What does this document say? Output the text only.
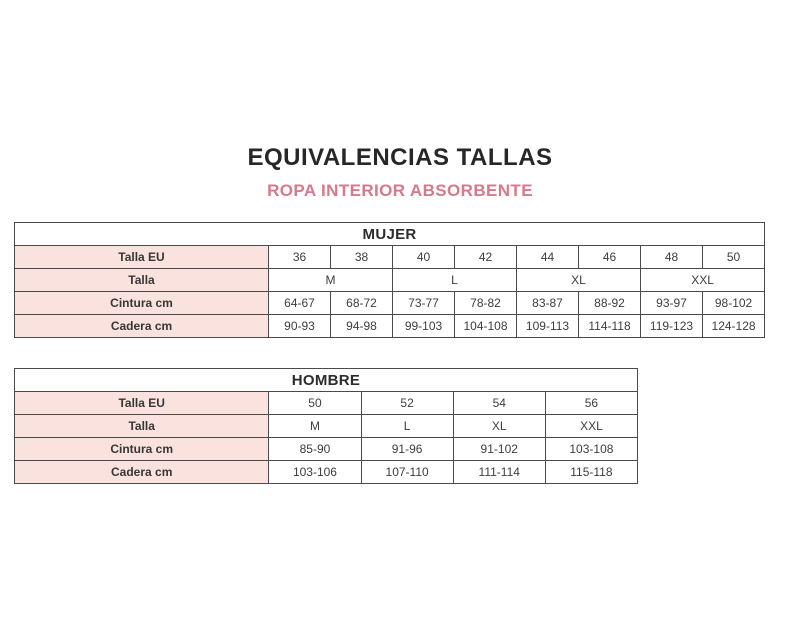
EQUIVALENCIAS TALLAS
ROPA INTERIOR ABSORBENTE
MUJER								
Talla EU	36	38	40	42	44	46	48	50
Talla	M		L		XL		XXL	
Cintura cm	64-67	68-72	73-77	78-82	83-87	88-92	93-97	98-102
Cadera cm	90-93	94-98	99-103	104-108	109-113	114-118	119-123	124-128
HOMBRE				
Talla EU	50	52	54	56
Talla	M	L	XL	XXL
Cintura cm	85-90	91-96	91-102	103-108
Cadera cm	103-106	107-110	111-114	115-118
